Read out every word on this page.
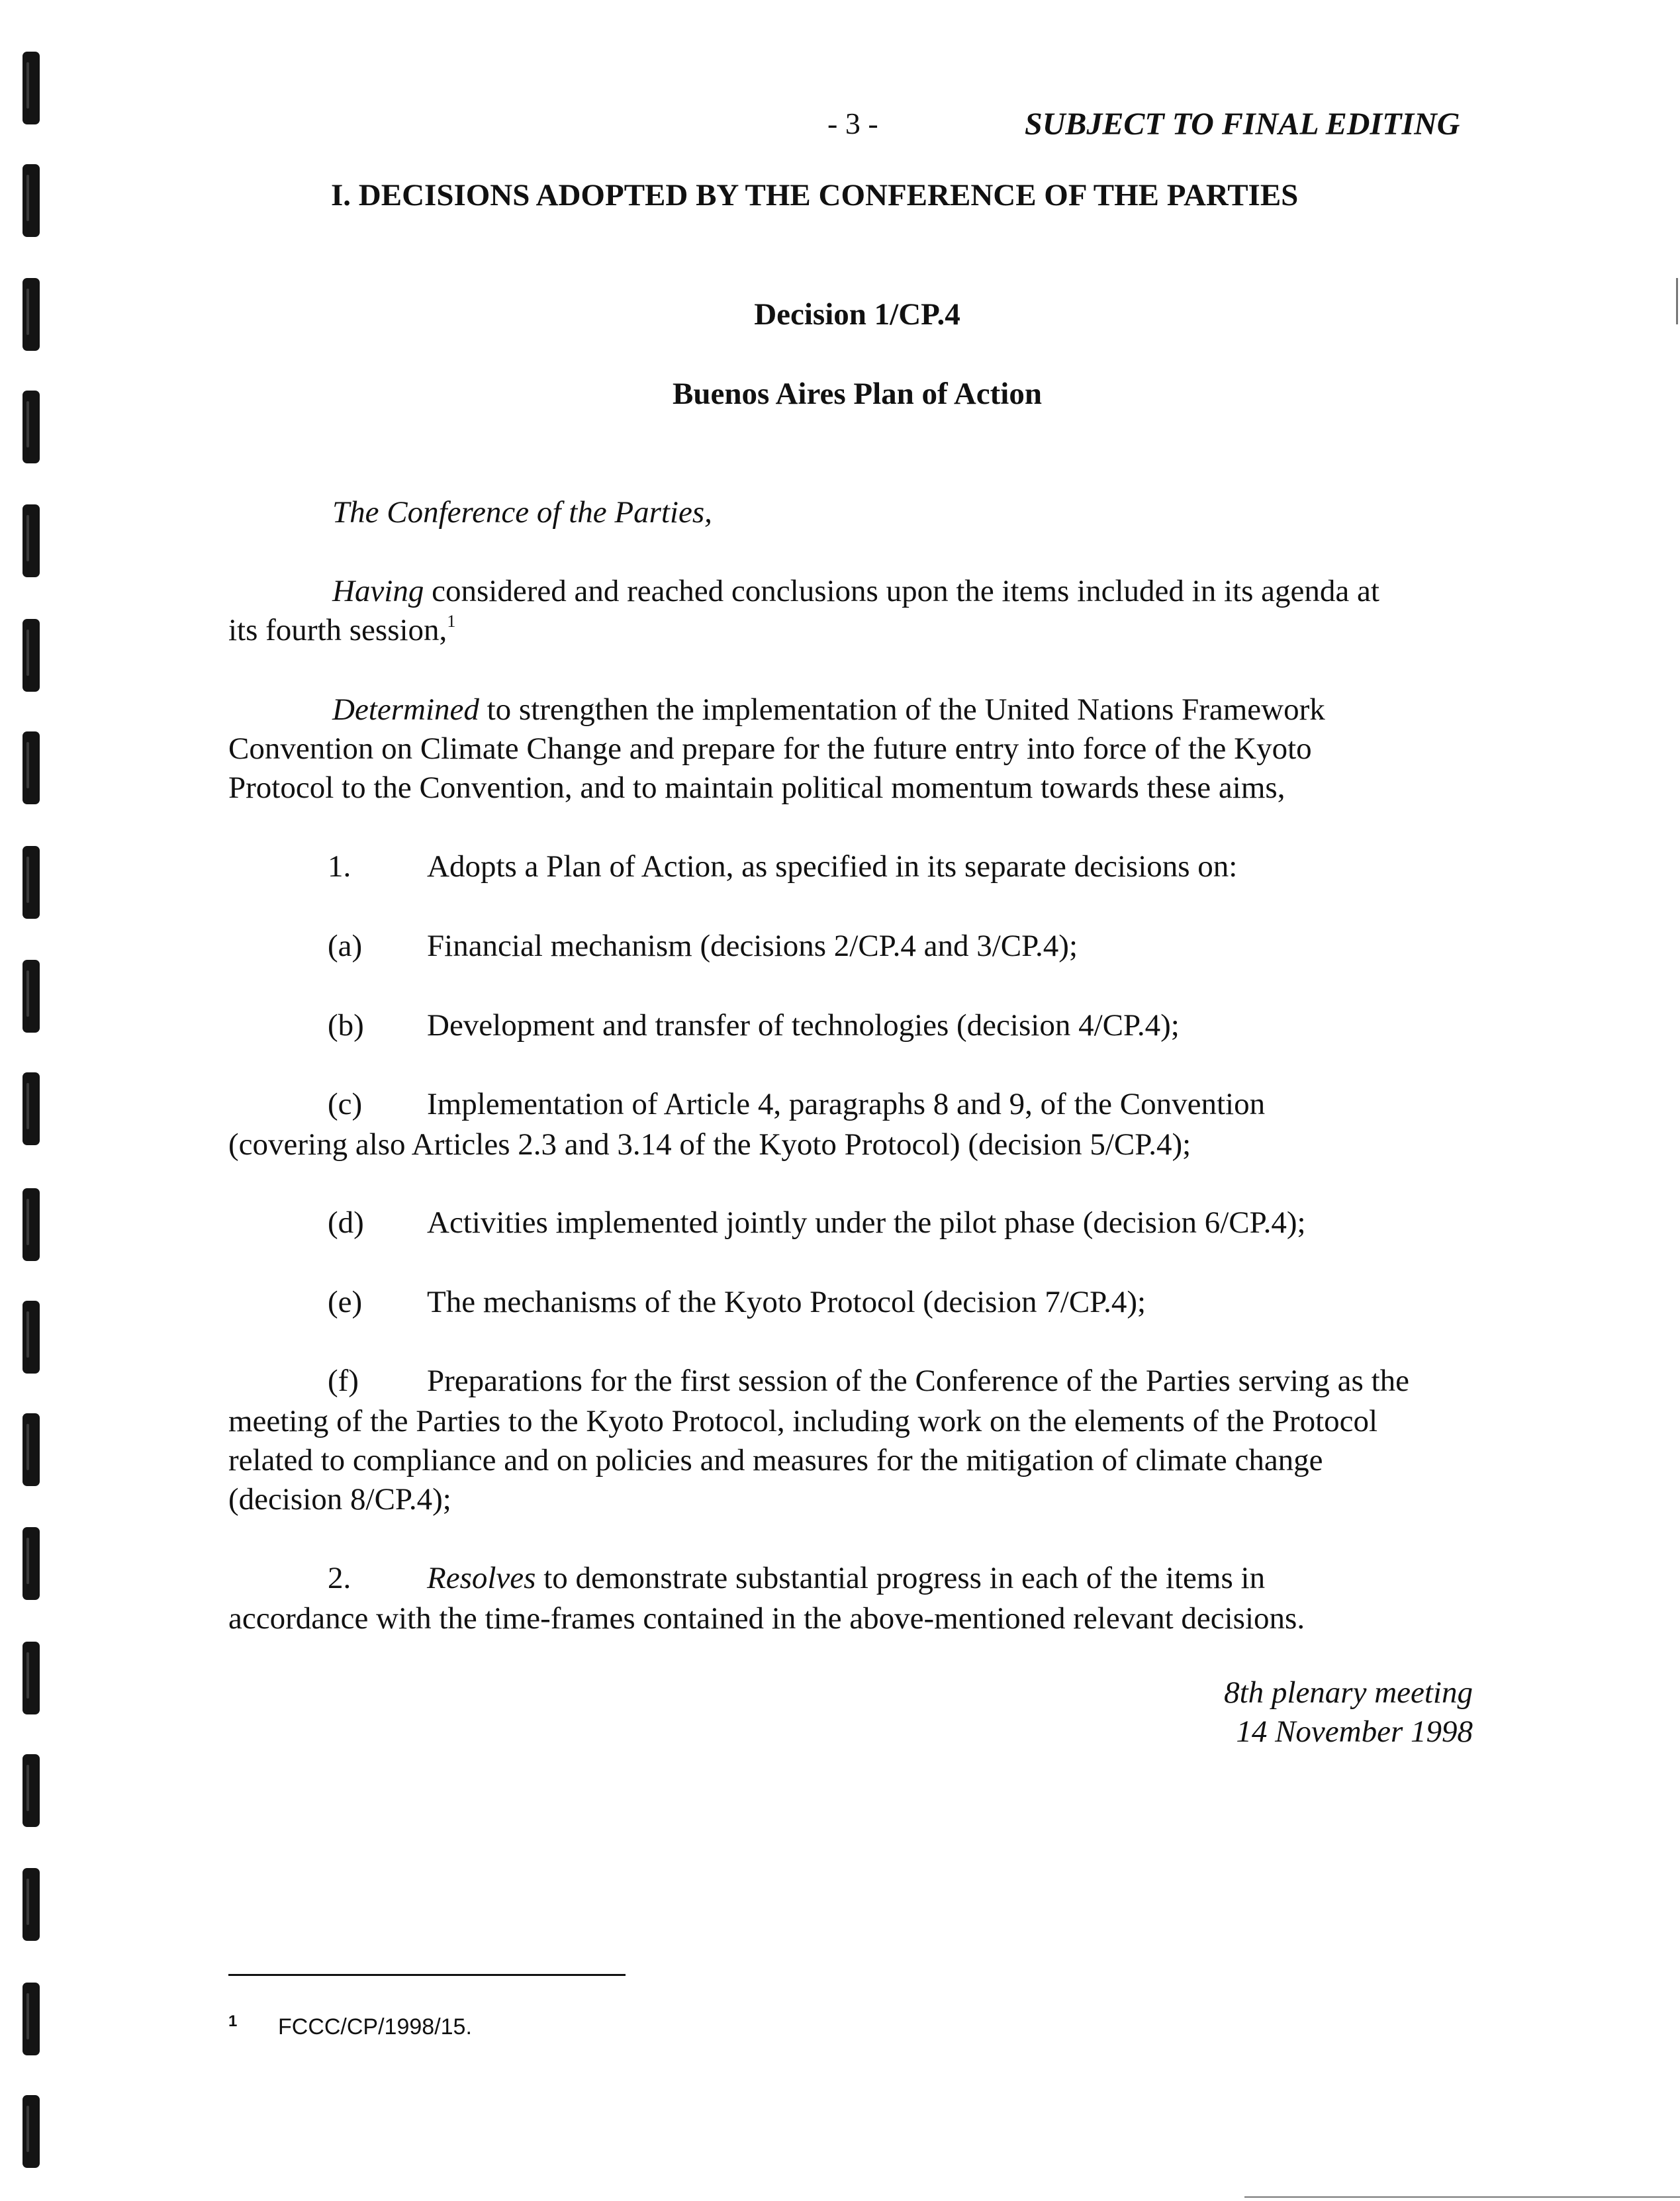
- 3 -	SUBJECT TO FINAL EDITING
I. DECISIONS ADOPTED BY THE CONFERENCE OF THE PARTIES
Decision 1/CP.4
Buenos Aires Plan of Action
The Conference of the Parties,
Having considered and reached conclusions upon the items included in its agenda at
its fourth session,$^1$
Determined to strengthen the implementation of the United Nations Framework
Convention on Climate Change and prepare for the future entry into force of the Kyoto
Protocol to the Convention, and to maintain political momentum towards these aims,
1. Adopts a Plan of Action, as specified in its separate decisions on:
(a) Financial mechanism (decisions 2/CP.4 and 3/CP.4);
(b) Development and transfer of technologies (decision 4/CP.4);
(c) Implementation of Article 4, paragraphs 8 and 9, of the Convention
(covering also Articles 2.3 and 3.14 of the Kyoto Protocol) (decision 5/CP.4);
(d) Activities implemented jointly under the pilot phase (decision 6/CP.4);
(e) The mechanisms of the Kyoto Protocol (decision 7/CP.4);
(f) Preparations for the first session of the Conference of the Parties serving as the
meeting of the Parties to the Kyoto Protocol, including work on the elements of the Protocol
related to compliance and on policies and measures for the mitigation of climate change
(decision 8/CP.4);
2. Resolves to demonstrate substantial progress in each of the items in
accordance with the time-frames contained in the above-mentioned relevant decisions.
8th plenary meeting
14 November 1998
1 FCCC/CP/1998/15.
